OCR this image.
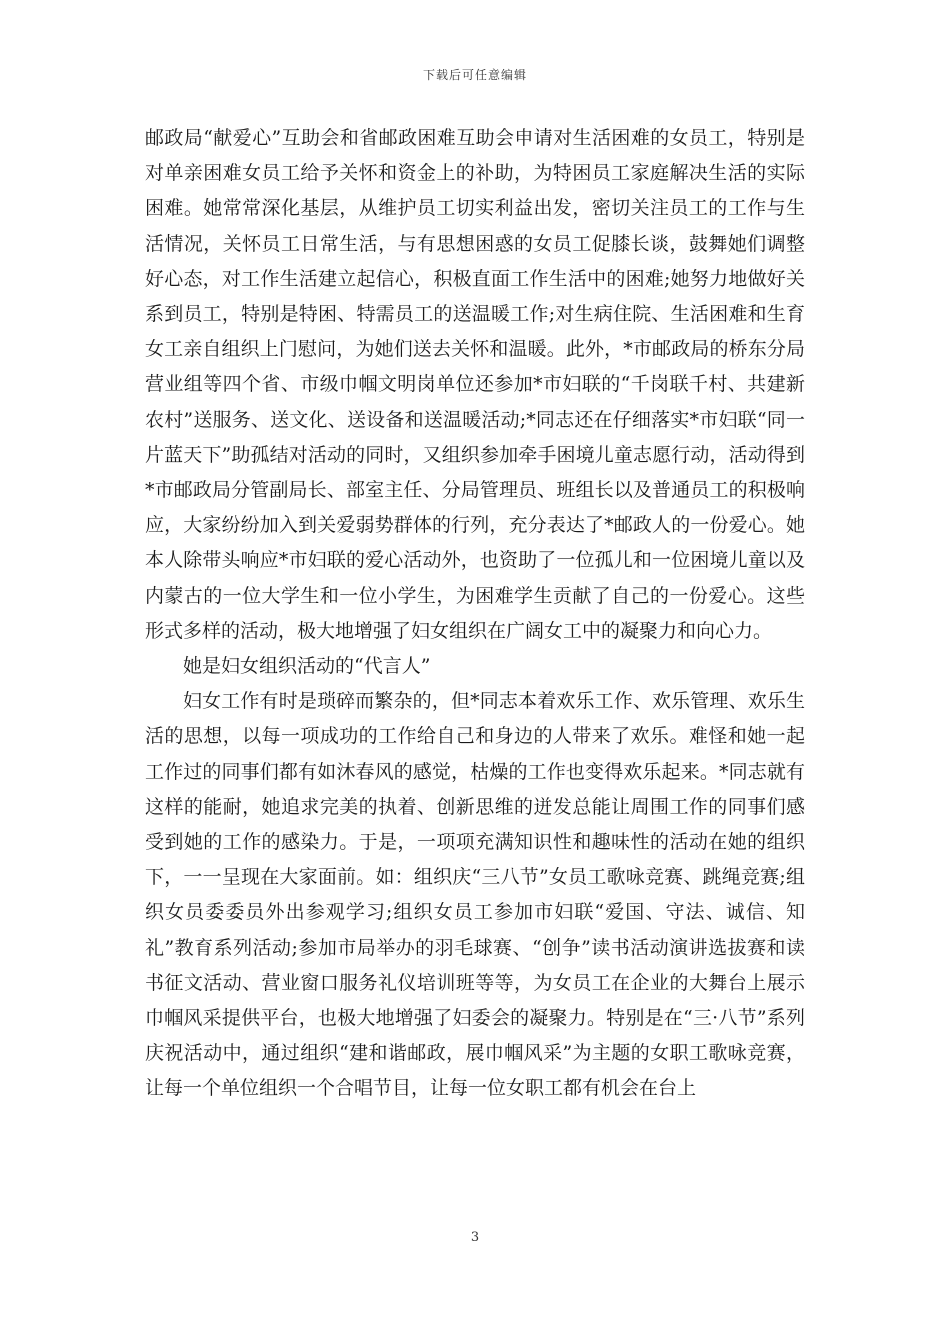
下载后可任意编辑

邮政局“献爱心”互助会和省邮政困难互助会申请对生活困难的女员工，特别是对单亲困难女员工给予关怀和资金上的补助，为特困员工家庭解决生活的实际困难。她常常深化基层，从维护员工切实利益出发，密切关注员工的工作与生活情况，关怀员工日常生活，与有思想困惑的女员工促膝长谈，鼓舞她们调整好心态，对工作生活建立起信心，积极直面工作生活中的困难;她努力地做好关系到员工，特别是特困、特需员工的送温暖工作;对生病住院、生活困难和生育女工亲自组织上门慰问，为她们送去关怀和温暖。此外，*市邮政局的桥东分局营业组等四个省、市级巾帼文明岗单位还参加*市妇联的“千岗联千村、共建新农村”送服务、送文化、送设备和送温暖活动;*同志还在仔细落实*市妇联“同一片蓝天下”助孤结对活动的同时，又组织参加牵手困境儿童志愿行动，活动得到*市邮政局分管副局长、部室主任、分局管理员、班组长以及普通员工的积极响应，大家纷纷加入到关爱弱势群体的行列，充分表达了*邮政人的一份爱心。她本人除带头响应*市妇联的爱心活动外，也资助了一位孤儿和一位困境儿童以及内蒙古的一位大学生和一位小学生，为困难学生贡献了自己的一份爱心。这些形式多样的活动，极大地增强了妇女组织在广阔女工中的凝聚力和向心力。

她是妇女组织活动的“代言人”

妇女工作有时是琐碎而繁杂的，但*同志本着欢乐工作、欢乐管理、欢乐生活的思想，以每一项成功的工作给自己和身边的人带来了欢乐。难怪和她一起工作过的同事们都有如沐春风的感觉，枯燥的工作也变得欢乐起来。*同志就有这样的能耐，她追求完美的执着、创新思维的迸发总能让周围工作的同事们感受到她的工作的感染力。于是，一项项充满知识性和趣味性的活动在她的组织下，一一呈现在大家面前。如：组织庆“三八节”女员工歌咏竞赛、跳绳竞赛;组织女员委委员外出参观学习;组织女员工参加市妇联“爱国、守法、诚信、知礼”教育系列活动;参加市局举办的羽毛球赛、“创争”读书活动演讲选拔赛和读书征文活动、营业窗口服务礼仪培训班等等，为女员工在企业的大舞台上展示巾帼风采提供平台，也极大地增强了妇委会的凝聚力。特别是在“三·八节”系列庆祝活动中，通过组织“建和谐邮政，展巾帼风采”为主题的女职工歌咏竞赛，让每一个单位组织一个合唱节目，让每一位女职工都有机会在台上

3
